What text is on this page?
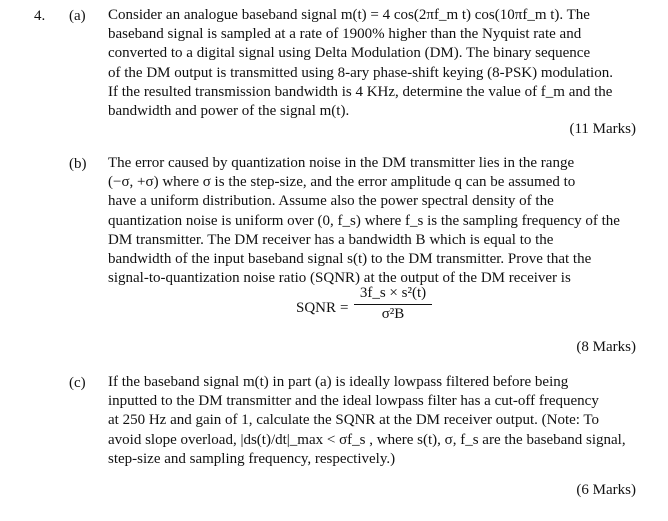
4. (a) Consider an analogue baseband signal m(t) = 4 cos(2πf_m t) cos(10πf_m t). The
baseband signal is sampled at a rate of 1900% higher than the Nyquist rate and
converted to a digital signal using Delta Modulation (DM). The binary sequence
of the DM output is transmitted using 8-ary phase-shift keying (8-PSK) modulation.
If the resulted transmission bandwidth is 4 KHz, determine the value of f_m and the
bandwidth and power of the signal m(t).

(11 Marks)
(b) The error caused by quantization noise in the DM transmitter lies in the range
(−σ, +σ) where σ is the step-size, and the error amplitude q can be assumed to
have a uniform distribution. Assume also the power spectral density of the
quantization noise is uniform over (0, f_s) where f_s is the sampling frequency of the
DM transmitter. The DM receiver has a bandwidth B which is equal to the
bandwidth of the input baseband signal s(t) to the DM transmitter. Prove that the
signal-to-quantization noise ratio (SQNR) at the output of the DM receiver is

SQNR = $\frac{\text{3f\_s × s²(t)}}{\text{σ²B}}$
(8 Marks)
(c) If the baseband signal m(t) in part (a) is ideally lowpass filtered before being
inputted to the DM transmitter and the ideal lowpass filter has a cut-off frequency
at 250 Hz and gain of 1, calculate the SQNR at the DM receiver output. (Note: To
avoid slope overload, |ds(t)/dt|_max < σf_s , where s(t), σ, f_s are the baseband signal,
step-size and sampling frequency, respectively.)

(6 Marks)
